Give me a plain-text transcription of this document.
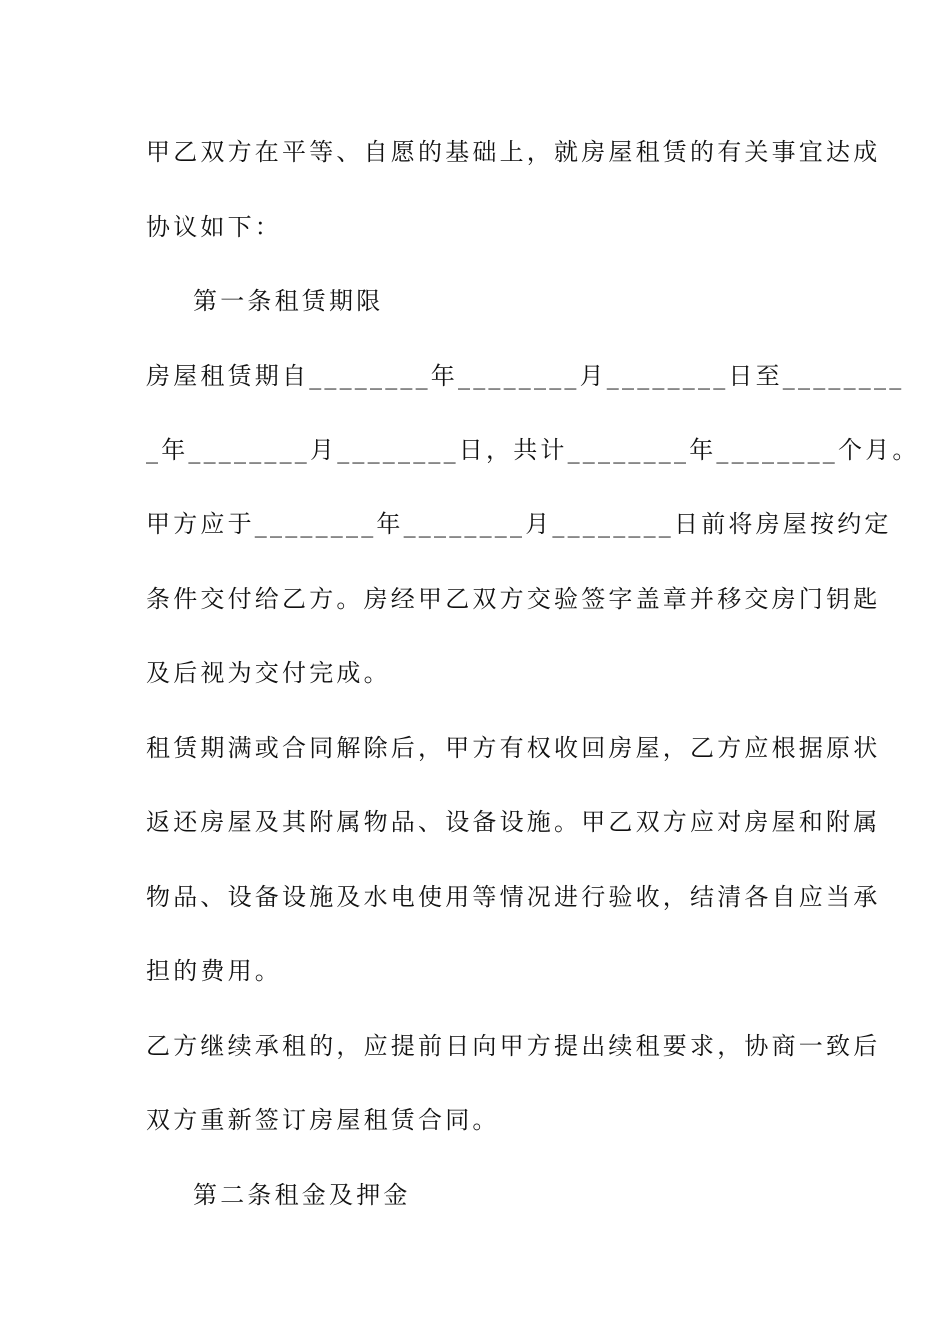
甲乙双方在平等、自愿的基础上，就房屋租赁的有关事宜达成
协议如下：
第一条租赁期限
房屋租赁期自________年________月________日至________
_年________月________日，共计________年________个月。
甲方应于________年________月________日前将房屋按约定
条件交付给乙方。房经甲乙双方交验签字盖章并移交房门钥匙
及后视为交付完成。
租赁期满或合同解除后，甲方有权收回房屋，乙方应根据原状
返还房屋及其附属物品、设备设施。甲乙双方应对房屋和附属
物品、设备设施及水电使用等情况进行验收，结清各自应当承
担的费用。
乙方继续承租的，应提前日向甲方提出续租要求，协商一致后
双方重新签订房屋租赁合同。
第二条租金及押金
